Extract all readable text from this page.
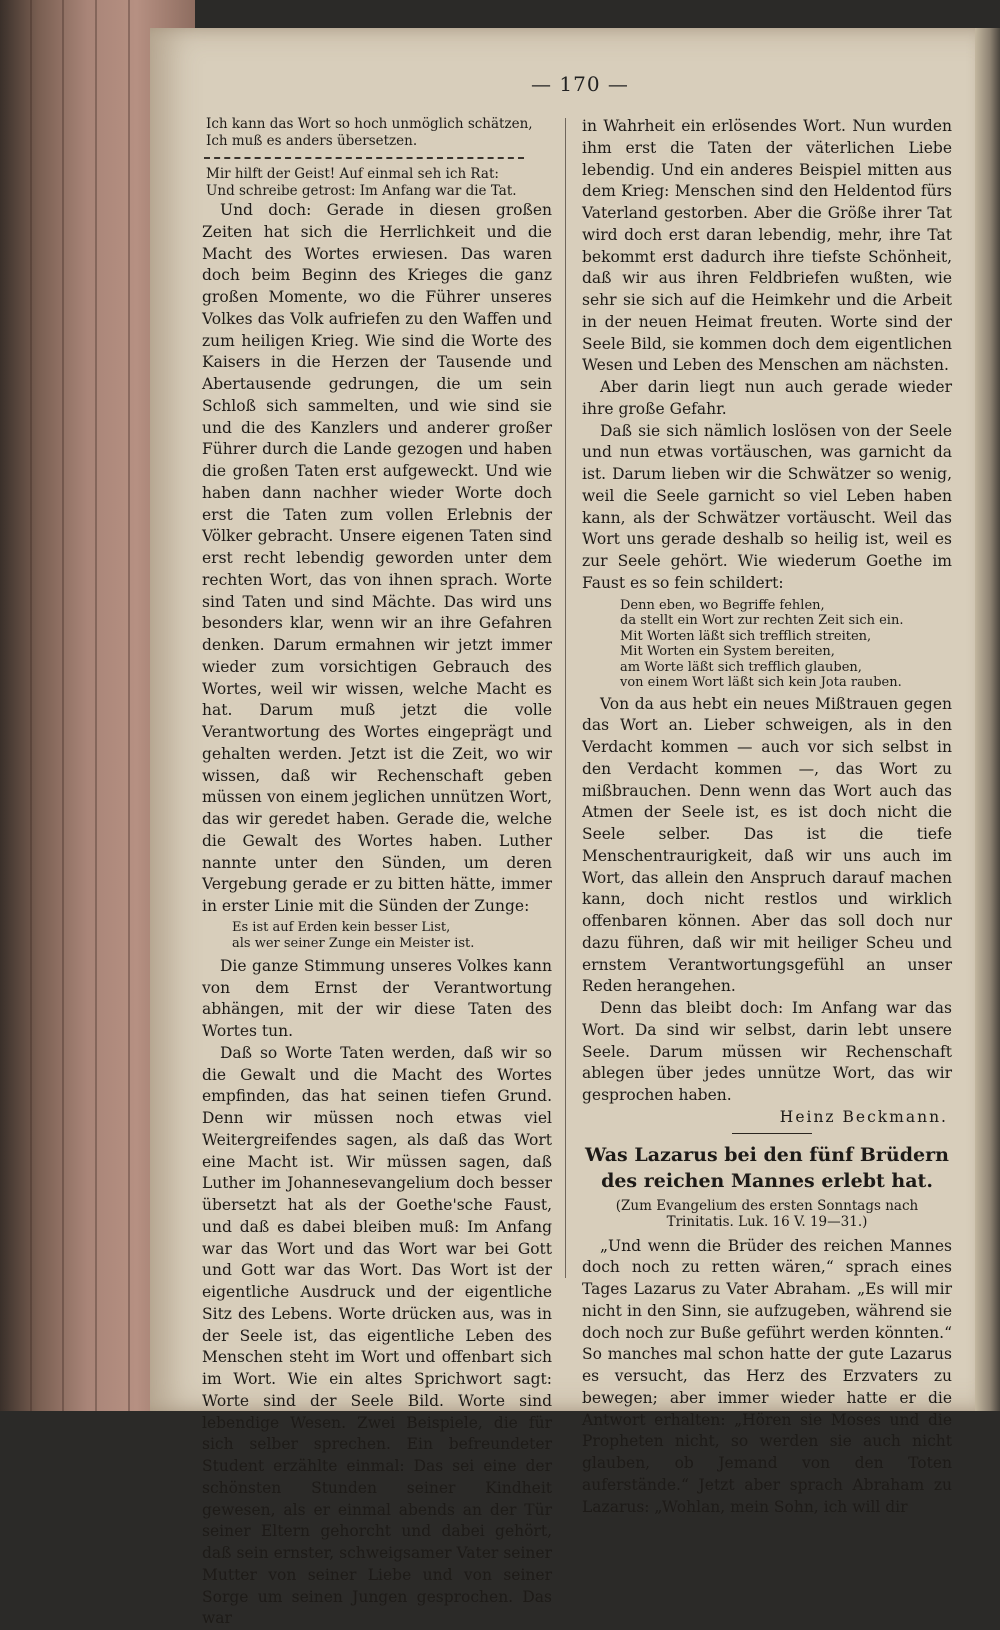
— 170 —
Ich kann das Wort so hoch unmöglich schätzen,
Ich muß es anders übersetzen.
Mir hilft der Geist! Auf einmal seh ich Rat:
Und schreibe getrost: Im Anfang war die Tat.

Und doch: Gerade in diesen großen Zeiten hat sich die Herrlichkeit und die Macht des Wortes erwiesen. Das waren doch beim Beginn des Krieges die ganz großen Momente, wo die Führer unseres Volkes das Volk aufriefen zu den Waffen und zum heiligen Krieg. Wie sind die Worte des Kaisers in die Herzen der Tausende und Abertausende gedrungen, die um sein Schloß sich sammelten, und wie sind sie und die des Kanzlers und anderer großer Führer durch die Lande gezogen und haben die großen Taten erst aufgeweckt. Und wie haben dann nachher wieder Worte doch erst die Taten zum vollen Erlebnis der Völker gebracht. Unsere eigenen Taten sind erst recht lebendig geworden unter dem rechten Wort, das von ihnen sprach. Worte sind Taten und sind Mächte. Das wird uns besonders klar, wenn wir an ihre Gefahren denken. Darum ermahnen wir jetzt immer wieder zum vorsichtigen Gebrauch des Wortes, weil wir wissen, welche Macht es hat. Darum muß jetzt die volle Verantwortung des Wortes eingeprägt und gehalten werden. Jetzt ist die Zeit, wo wir wissen, daß wir Rechenschaft geben müssen von einem jeglichen unnützen Wort, das wir geredet haben. Gerade die, welche die Gewalt des Wortes haben. Luther nannte unter den Sünden, um deren Vergebung gerade er zu bitten hätte, immer in erster Linie mit die Sünden der Zunge:

Es ist auf Erden kein besser List,
als wer seiner Zunge ein Meister ist.

Die ganze Stimmung unseres Volkes kann von dem Ernst der Verantwortung abhängen, mit der wir diese Taten des Wortes tun.

Daß so Worte Taten werden, daß wir so die Gewalt und die Macht des Wortes empfinden, das hat seinen tiefen Grund. Denn wir müssen noch etwas viel Weitergreifendes sagen, als daß das Wort eine Macht ist. Wir müssen sagen, daß Luther im Johannesevangelium doch besser übersetzt hat als der Goethe'sche Faust, und daß es dabei bleiben muß: Im Anfang war das Wort und das Wort war bei Gott und Gott war das Wort. Das Wort ist der eigentliche Ausdruck und der eigentliche Sitz des Lebens. Worte drücken aus, was in der Seele ist, das eigentliche Leben des Menschen steht im Wort und offenbart sich im Wort. Wie ein altes Sprichwort sagt: Worte sind der Seele Bild. Worte sind lebendige Wesen. Zwei Beispiele, die für sich selber sprechen. Ein befreundeter Student erzählte einmal: Das sei eine der schönsten Stunden seiner Kindheit gewesen, als er einmal abends an der Tür seiner Eltern gehorcht und dabei gehört, daß sein ernster, schweigsamer Vater seiner Mutter von seiner Liebe und von seiner Sorge um seinen Jungen gesprochen. Das war

in Wahrheit ein erlösendes Wort. Nun wurden ihm erst die Taten der väterlichen Liebe lebendig. Und ein anderes Beispiel mitten aus dem Krieg: Menschen sind den Heldentod fürs Vaterland gestorben. Aber die Größe ihrer Tat wird doch erst daran lebendig, mehr, ihre Tat bekommt erst dadurch ihre tiefste Schönheit, daß wir aus ihren Feldbriefen wußten, wie sehr sie sich auf die Heimkehr und die Arbeit in der neuen Heimat freuten. Worte sind der Seele Bild, sie kommen doch dem eigentlichen Wesen und Leben des Menschen am nächsten.

Aber darin liegt nun auch gerade wieder ihre große Gefahr.

Daß sie sich nämlich loslösen von der Seele und nun etwas vortäuschen, was garnicht da ist. Darum lieben wir die Schwätzer so wenig, weil die Seele garnicht so viel Leben haben kann, als der Schwätzer vortäuscht. Weil das Wort uns gerade deshalb so heilig ist, weil es zur Seele gehört. Wie wiederum Goethe im Faust es so fein schildert:

Denn eben, wo Begriffe fehlen,
da stellt ein Wort zur rechten Zeit sich ein.
Mit Worten läßt sich trefflich streiten,
Mit Worten ein System bereiten,
am Worte läßt sich trefflich glauben,
von einem Wort läßt sich kein Jota rauben.

Von da aus hebt ein neues Mißtrauen gegen das Wort an. Lieber schweigen, als in den Verdacht kommen — auch vor sich selbst in den Verdacht kommen —, das Wort zu mißbrauchen. Denn wenn das Wort auch das Atmen der Seele ist, es ist doch nicht die Seele selber. Das ist die tiefe Menschentraurigkeit, daß wir uns auch im Wort, das allein den Anspruch darauf machen kann, doch nicht restlos und wirklich offenbaren können. Aber das soll doch nur dazu führen, daß wir mit heiliger Scheu und ernstem Verantwortungsgefühl an unser Reden herangehen.

Denn das bleibt doch: Im Anfang war das Wort. Da sind wir selbst, darin lebt unsere Seele. Darum müssen wir Rechenschaft ablegen über jedes unnütze Wort, das wir gesprochen haben.

Heinz Beckmann.
Was Lazarus bei den fünf Brüdern des reichen Mannes erlebt hat.
(Zum Evangelium des ersten Sonntags nach Trinitatis. Luk. 16 V. 19—31.)

„Und wenn die Brüder des reichen Mannes doch noch zu retten wären,“ sprach eines Tages Lazarus zu Vater Abraham. „Es will mir nicht in den Sinn, sie aufzugeben, während sie doch noch zur Buße geführt werden könnten.“ So manches mal schon hatte der gute Lazarus es versucht, das Herz des Erzvaters zu bewegen; aber immer wieder hatte er die Antwort erhalten: „Hören sie Moses und die Propheten nicht, so werden sie auch nicht glauben, ob Jemand von den Toten auferstände.“ Jetzt aber sprach Abraham zu Lazarus: „Wohlan, mein Sohn, ich will dir
